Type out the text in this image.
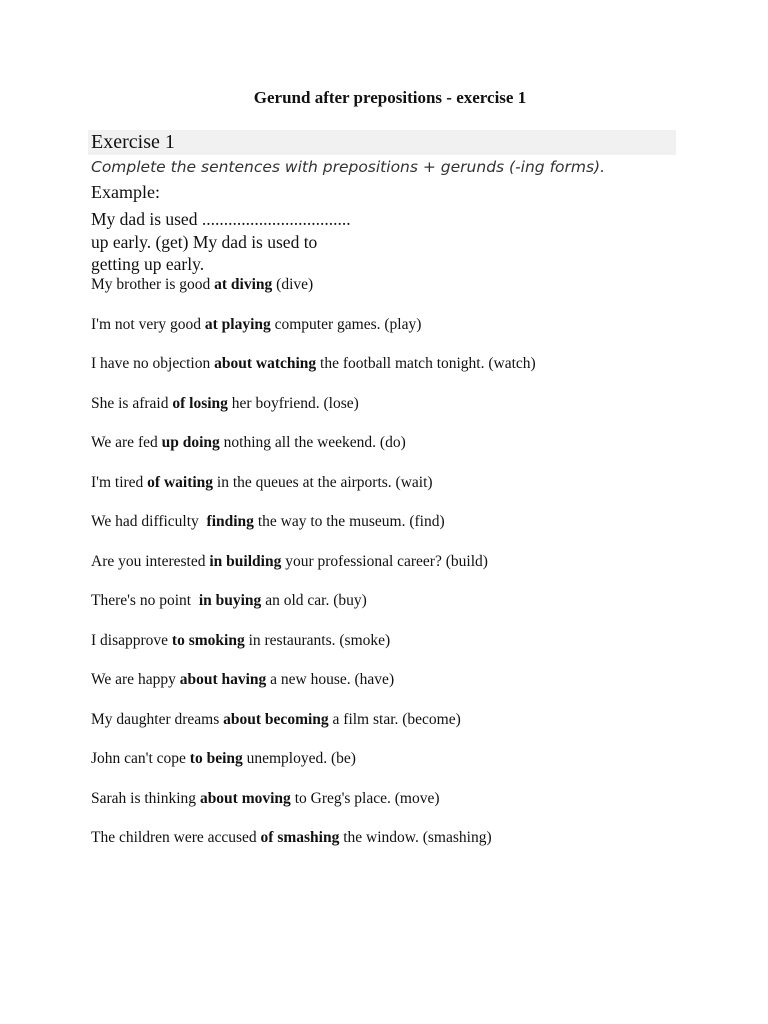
Gerund after prepositions - exercise 1
Exercise 1
Complete the sentences with prepositions + gerunds (-ing forms).
Example:
My dad is used ..................................
up early. (get) My dad is used to
getting up early.
My brother is good at diving (dive)
I'm not very good at playing computer games. (play)
I have no objection about watching the football match tonight. (watch)
She is afraid of losing her boyfriend. (lose)
We are fed up doing nothing all the weekend. (do)
I'm tired of waiting in the queues at the airports. (wait)
We had difficulty  finding the way to the museum. (find)
Are you interested in building your professional career? (build)
There's no point  in buying an old car. (buy)
I disapprove to smoking in restaurants. (smoke)
We are happy about having a new house. (have)
My daughter dreams about becoming a film star. (become)
John can't cope to being unemployed. (be)
Sarah is thinking about moving to Greg's place. (move)
The children were accused of smashing the window. (smashing)
